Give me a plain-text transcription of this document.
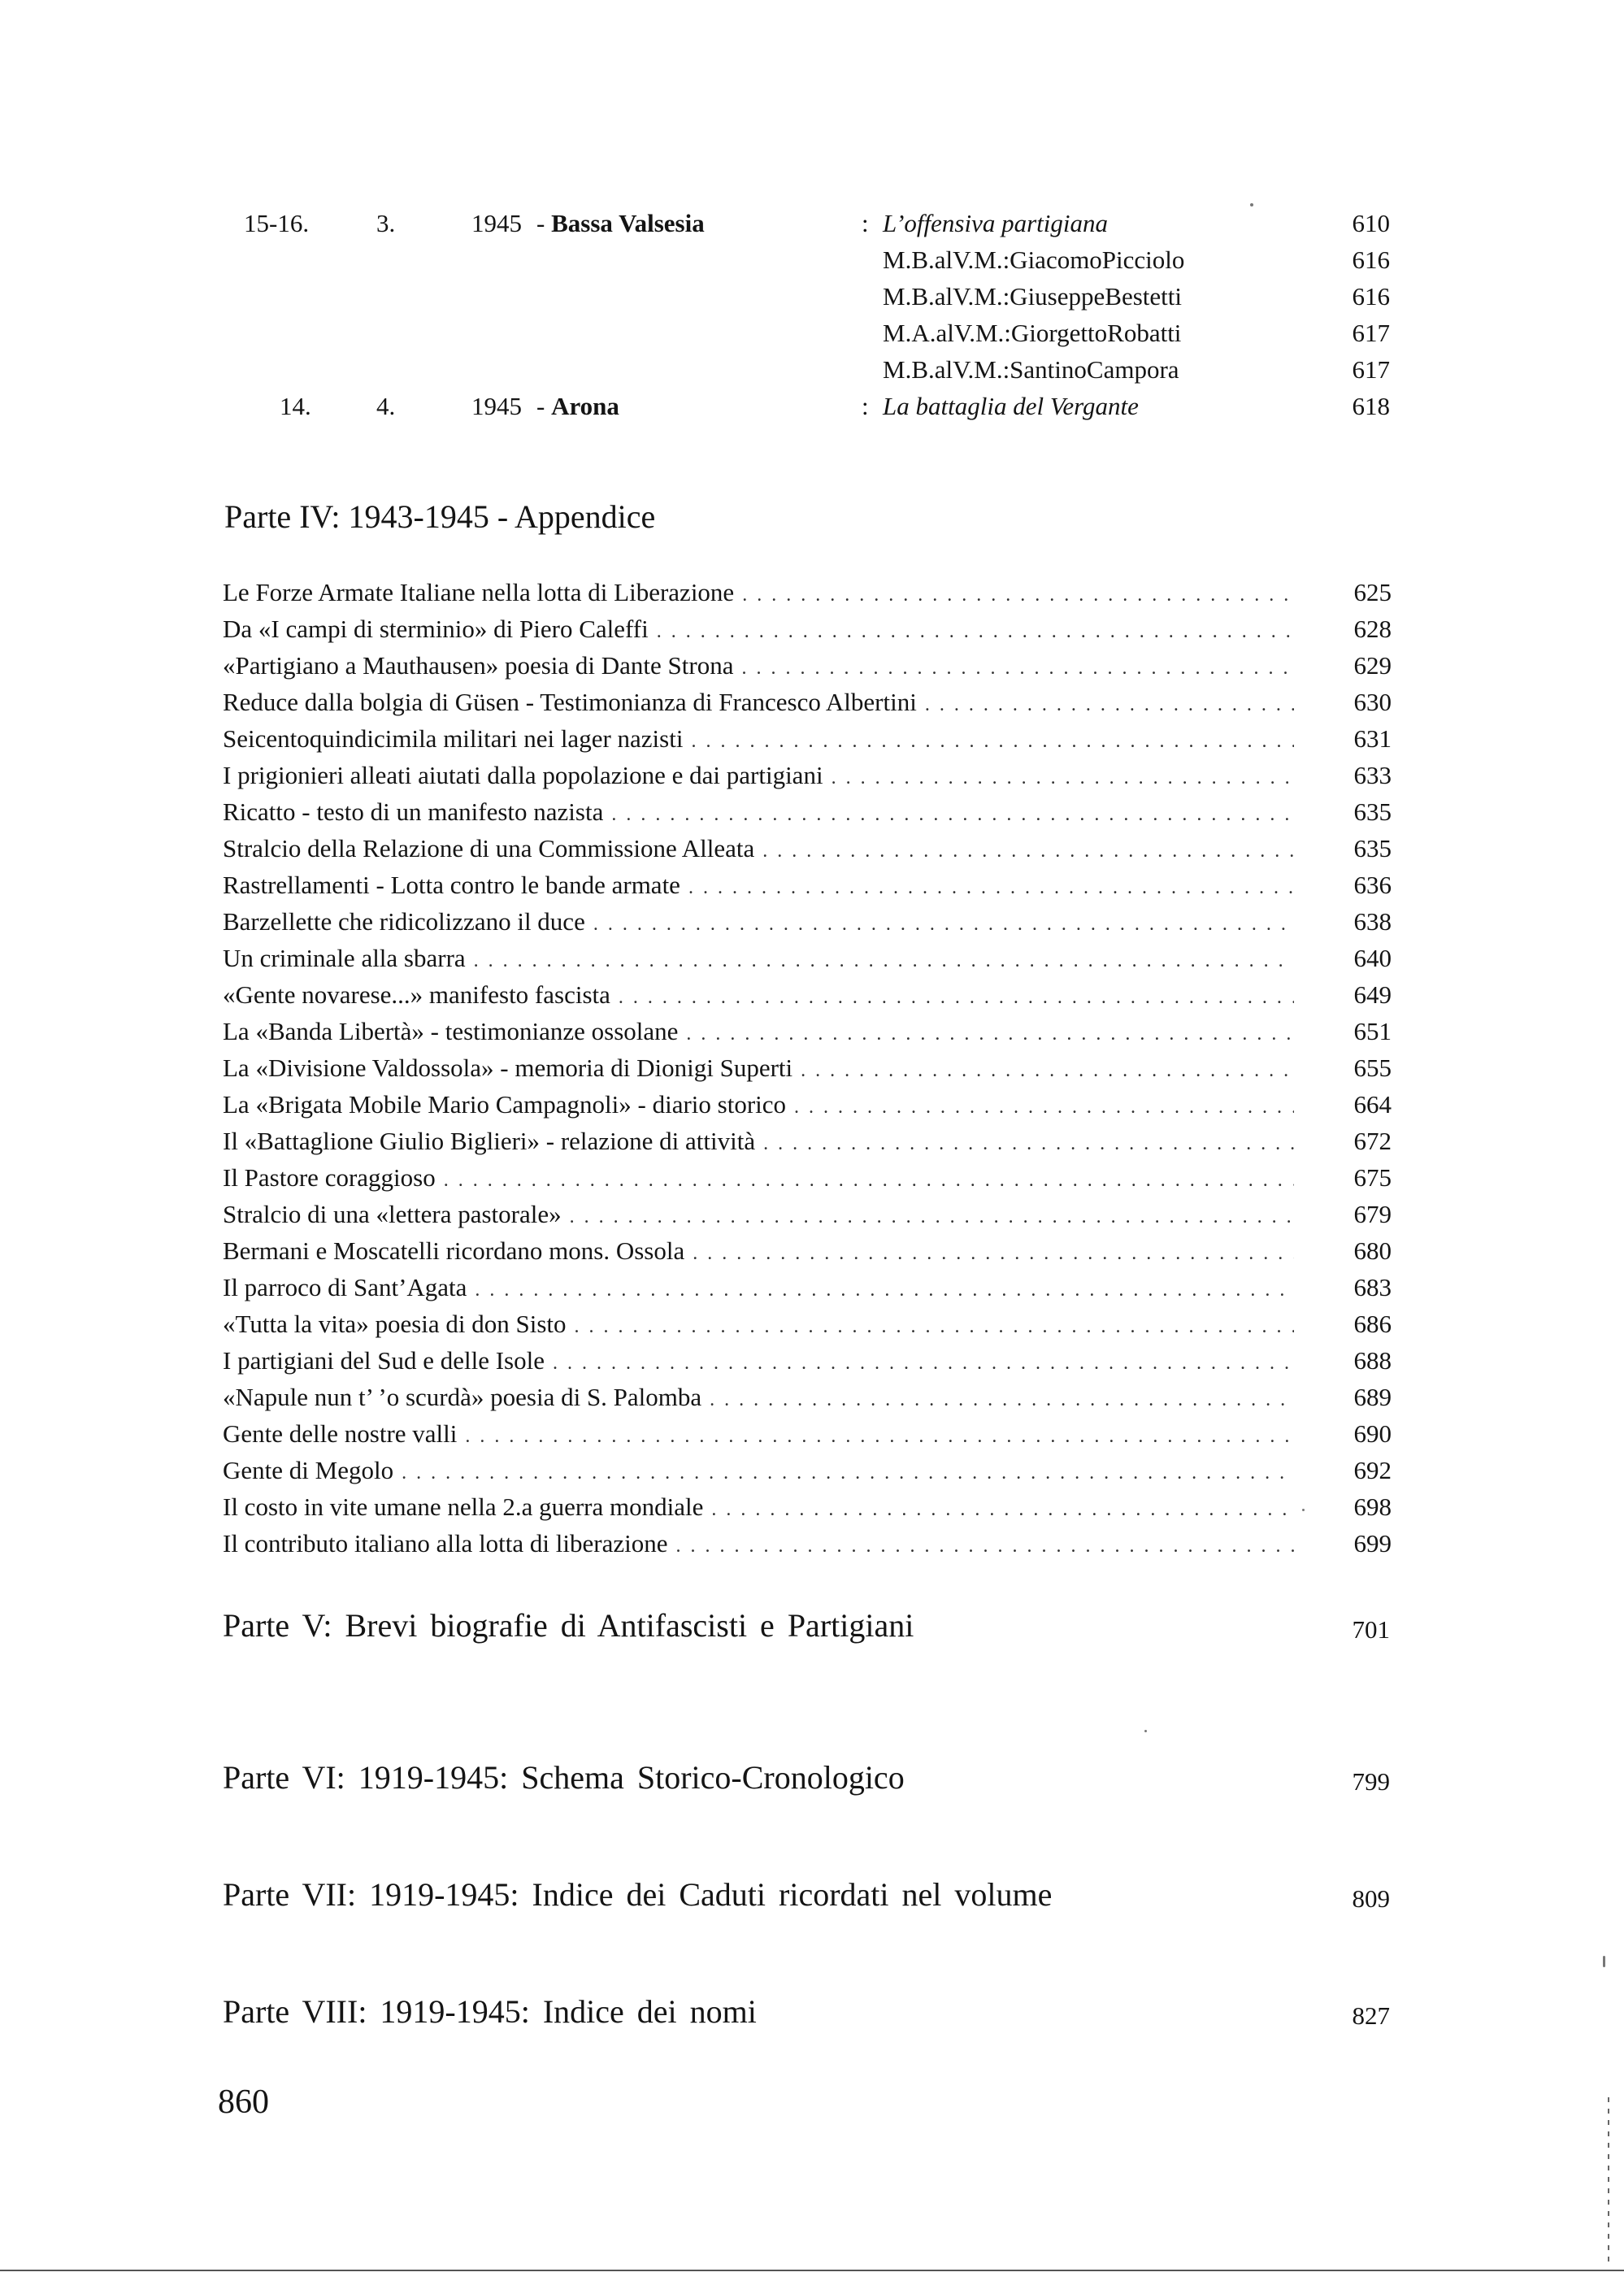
15-16.	3.	1945 - Bassa Valsesia	: L’offensiva partigiana	610
M.B.alV.M.:GiacomoPicciolo	616
M.B.alV.M.:GiuseppeBestetti	616
M.A.alV.M.:GiorgettoRobatti	617
M.B.alV.M.:SantinoCampora	617
14.	4.	1945 - Arona	: La battaglia del Vergante	618
Parte IV: 1943-1945 - Appendice
Le Forze Armate Italiane nella lotta di Liberazione . . .	625
Da «I campi di sterminio» di Piero Caleffi . . .	628
«Partigiano a Mauthausen» poesia di Dante Strona . . .	629
Reduce dalla bolgia di Güsen - Testimonianza di Francesco Albertini . . .	630
Seicentoquindicimila militari nei lager nazisti . . .	631
I prigionieri alleati aiutati dalla popolazione e dai partigiani . . .	633
Ricatto - testo di un manifesto nazista . . .	635
Stralcio della Relazione di una Commissione Alleata . . .	635
Rastrellamenti - Lotta contro le bande armate . . .	636
Barzellette che ridicolizzano il duce . . .	638
Un criminale alla sbarra . . .	640
«Gente novarese...» manifesto fascista . . .	649
La «Banda Libertà» - testimonianze ossolane . . .	651
La «Divisione Valdossola» - memoria di Dionigi Superti . . .	655
La «Brigata Mobile Mario Campagnoli» - diario storico . . .	664
Il «Battaglione Giulio Biglieri» - relazione di attività . . .	672
Il Pastore coraggioso . . .	675
Stralcio di una «lettera pastorale» . . .	679
Bermani e Moscatelli ricordano mons. Ossola . . .	680
Il parroco di Sant’Agata . . .	683
«Tutta la vita» poesia di don Sisto . . .	686
I partigiani del Sud e delle Isole . . .	688
«Napule nun t’ ’o scurdà» poesia di S. Palomba . . .	689
Gente delle nostre valli . . .	690
Gente di Megolo . . .	692
Il costo in vite umane nella 2.a guerra mondiale . . .	698
Il contributo italiano alla lotta di liberazione . . .	699
Parte V: Brevi biografie di Antifascisti e Partigiani	701
Parte VI: 1919-1945: Schema Storico-Cronologico	799
Parte VII: 1919-1945: Indice dei Caduti ricordati nel volume	809
Parte VIII: 1919-1945: Indice dei nomi	827
860
